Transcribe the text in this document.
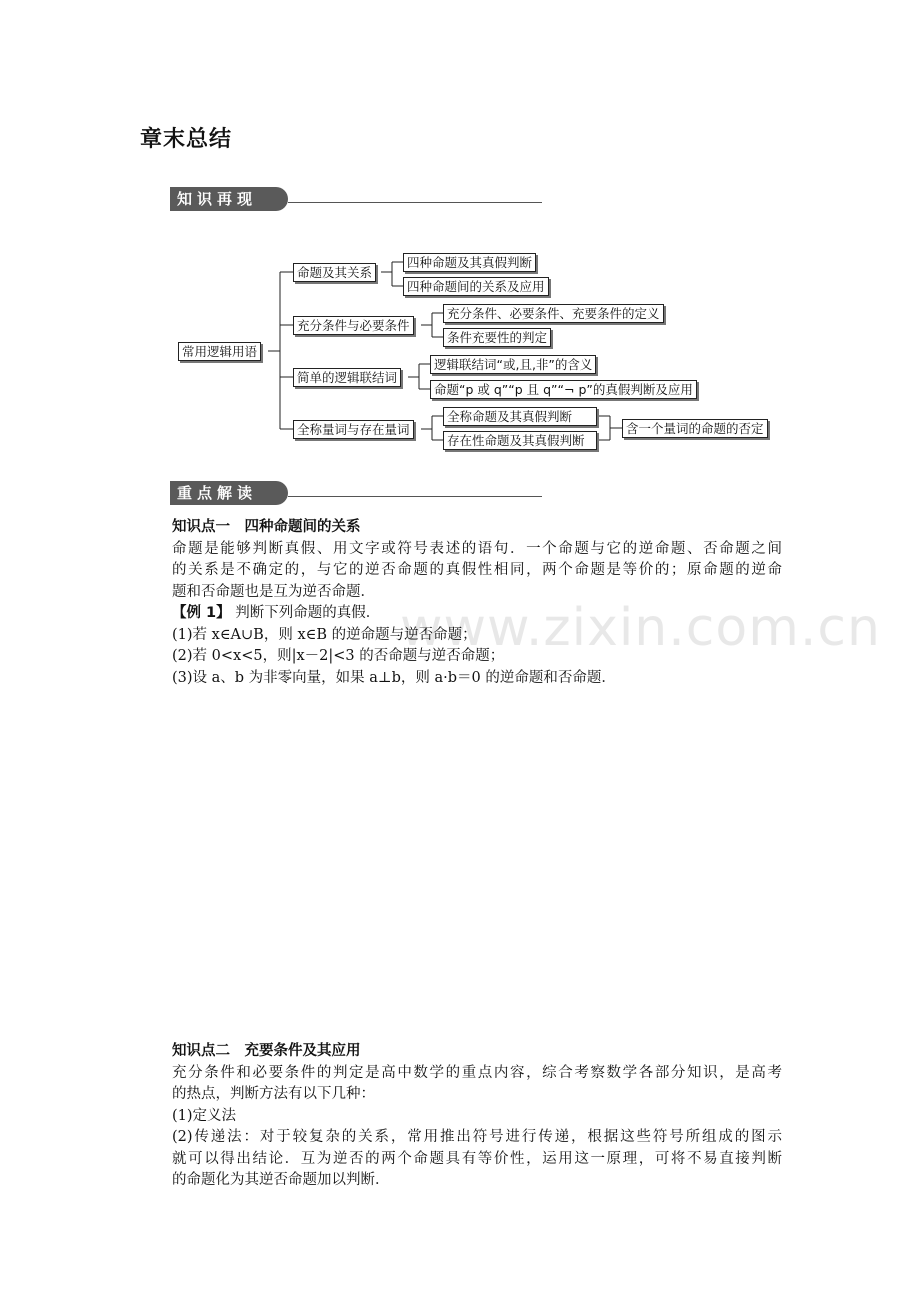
章末总结
知识再现
常用逻辑用语
命题及其关系
四种命题及其真假判断
四种命题间的关系及应用
充分条件与必要条件
充分条件、必要条件、充要条件的定义
条件充要性的判定
简单的逻辑联结词
逻辑联结词“或,且,非”的含义
命题“p 或 q”“p 且 q”“¬ p”的真假判断及应用
全称量词与存在量词
全称命题及其真假判断
存在性命题及其真假判断
含一个量词的命题的否定
重点解读
www.zixin.com.cn

知识点一　四种命题间的关系

命题是能够判断真假、用文字或符号表述的语句．一个命题与它的逆命题、否命题之间

的关系是不确定的，与它的逆否命题的真假性相同，两个命题是等价的；原命题的逆命

题和否命题也是互为逆否命题．

【例 1】 判断下列命题的真假．

(1)若 x∈A∪B，则 x∈B 的逆命题与逆否命题；

(2)若 0<x<5，则|x－2|<3 的否命题与逆否命题；

(3)设 a、b 为非零向量，如果 a⊥b，则 a·b＝0 的逆命题和否命题．

知识点二　充要条件及其应用

充分条件和必要条件的判定是高中数学的重点内容，综合考察数学各部分知识，是高考

的热点，判断方法有以下几种：

(1)定义法

(2)传递法：对于较复杂的关系，常用推出符号进行传递，根据这些符号所组成的图示

就可以得出结论．互为逆否的两个命题具有等价性，运用这一原理，可将不易直接判断

的命题化为其逆否命题加以判断．
